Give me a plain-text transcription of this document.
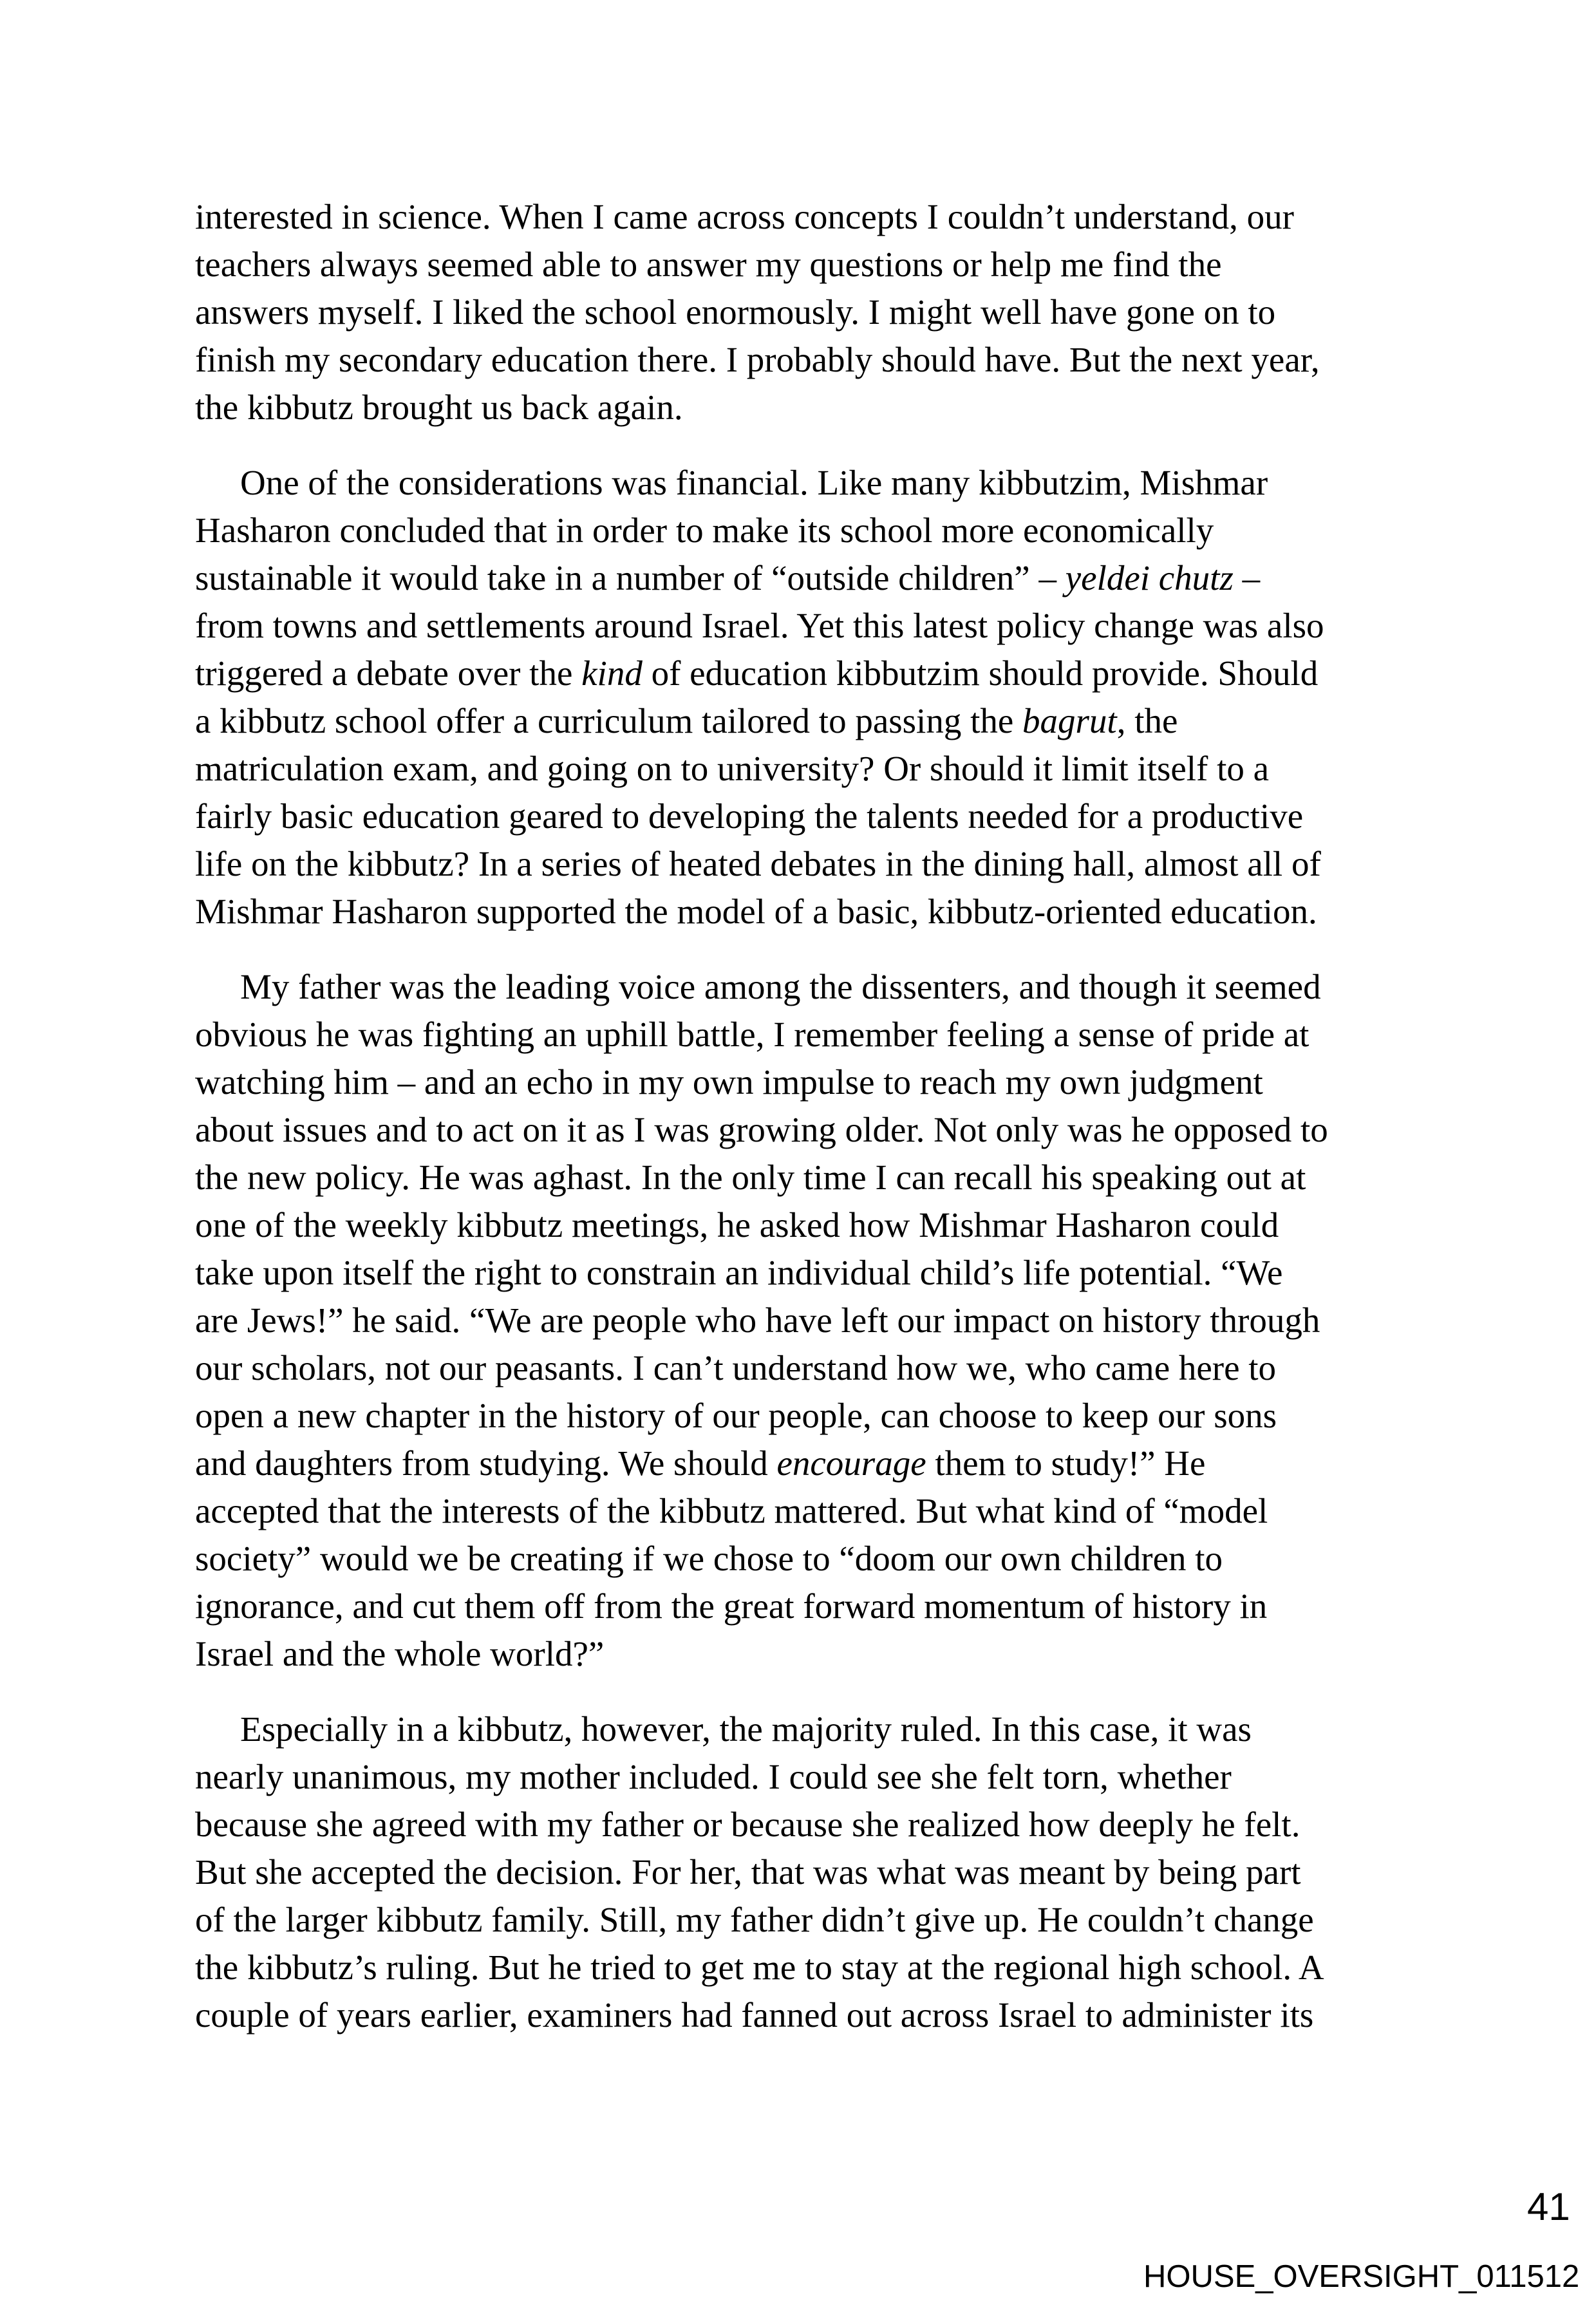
interested in science. When I came across concepts I couldn’t understand, our
teachers always seemed able to answer my questions or help me find the
answers myself. I liked the school enormously. I might well have gone on to
finish my secondary education there. I probably should have. But the next year,
the kibbutz brought us back again.
One of the considerations was financial. Like many kibbutzim, Mishmar
Hasharon concluded that in order to make its school more economically
sustainable it would take in a number of “outside children” – yeldei chutz –
from towns and settlements around Israel. Yet this latest policy change was also
triggered a debate over the kind of education kibbutzim should provide. Should
a kibbutz school offer a curriculum tailored to passing the bagrut, the
matriculation exam, and going on to university? Or should it limit itself to a
fairly basic education geared to developing the talents needed for a productive
life on the kibbutz? In a series of heated debates in the dining hall, almost all of
Mishmar Hasharon supported the model of a basic, kibbutz-oriented education.
My father was the leading voice among the dissenters, and though it seemed
obvious he was fighting an uphill battle, I remember feeling a sense of pride at
watching him – and an echo in my own impulse to reach my own judgment
about issues and to act on it as I was growing older. Not only was he opposed to
the new policy. He was aghast. In the only time I can recall his speaking out at
one of the weekly kibbutz meetings, he asked how Mishmar Hasharon could
take upon itself the right to constrain an individual child’s life potential. “We
are Jews!” he said. “We are people who have left our impact on history through
our scholars, not our peasants. I can’t understand how we, who came here to
open a new chapter in the history of our people, can choose to keep our sons
and daughters from studying. We should encourage them to study!” He
accepted that the interests of the kibbutz mattered. But what kind of “model
society” would we be creating if we chose to “doom our own children to
ignorance, and cut them off from the great forward momentum of history in
Israel and the whole world?”
Especially in a kibbutz, however, the majority ruled. In this case, it was
nearly unanimous, my mother included. I could see she felt torn, whether
because she agreed with my father or because she realized how deeply he felt.
But she accepted the decision. For her, that was what was meant by being part
of the larger kibbutz family. Still, my father didn’t give up. He couldn’t change
the kibbutz’s ruling. But he tried to get me to stay at the regional high school. A
couple of years earlier, examiners had fanned out across Israel to administer its
41
HOUSE_OVERSIGHT_011512
